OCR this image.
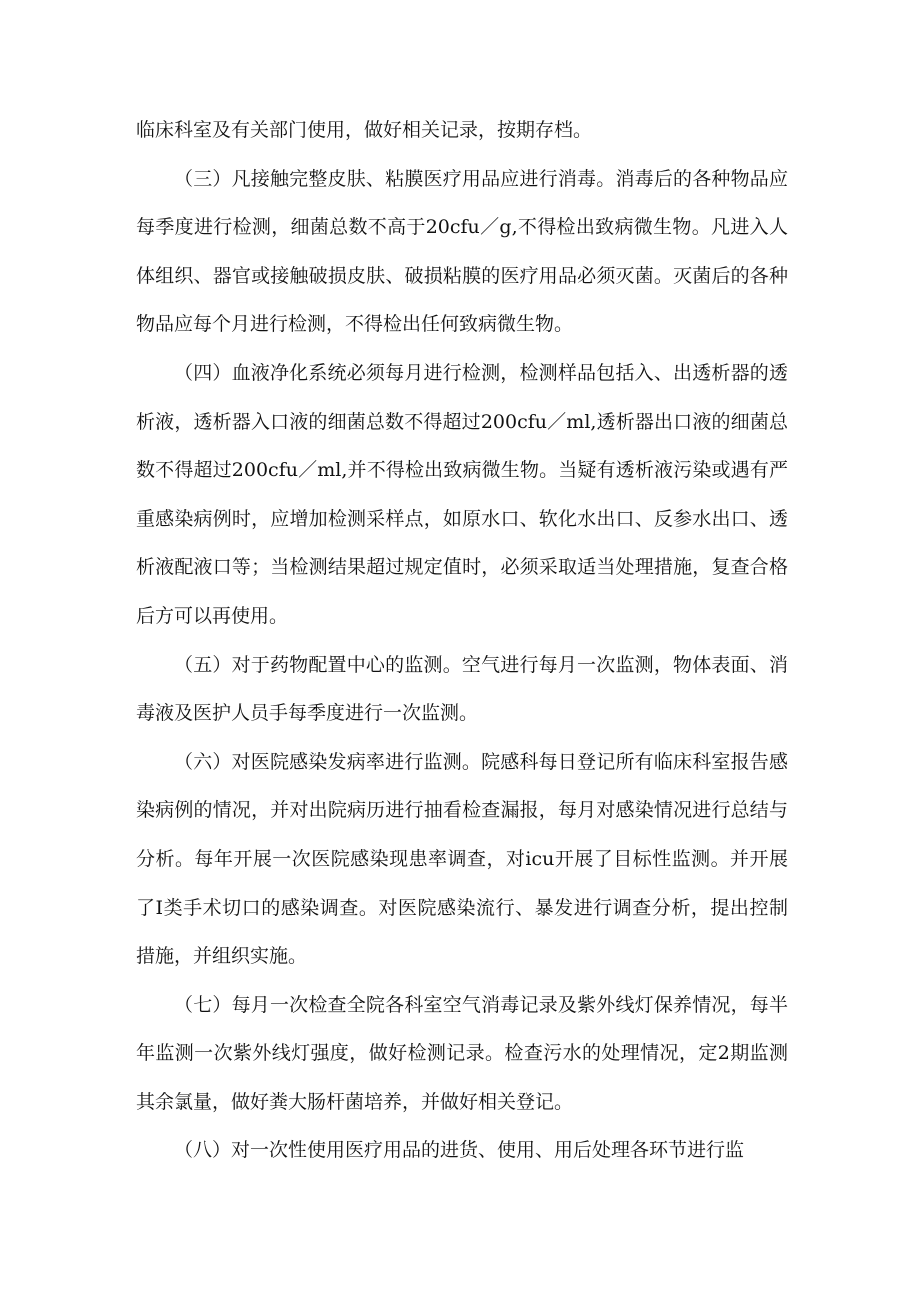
临床科室及有关部门使用，做好相关记录，按期存档。

（三）凡接触完整皮肤、粘膜医疗用品应进行消毒。消毒后的各种物品应每季度进行检测，细菌总数不高于20cfu／g,不得检出致病微生物。凡进入人体组织、器官或接触破损皮肤、破损粘膜的医疗用品必须灭菌。灭菌后的各种物品应每个月进行检测，不得检出任何致病微生物。

（四）血液净化系统必须每月进行检测，检测样品包括入、出透析器的透析液，透析器入口液的细菌总数不得超过200cfu／ml,透析器出口液的细菌总数不得超过200cfu／ml,并不得检出致病微生物。当疑有透析液污染或遇有严重感染病例时，应增加检测采样点，如原水口、软化水出口、反参水出口、透析液配液口等；当检测结果超过规定值时，必须采取适当处理措施，复查合格后方可以再使用。

（五）对于药物配置中心的监测。空气进行每月一次监测，物体表面、消毒液及医护人员手每季度进行一次监测。

（六）对医院感染发病率进行监测。院感科每日登记所有临床科室报告感染病例的情况，并对出院病历进行抽看检查漏报，每月对感染情况进行总结与分析。每年开展一次医院感染现患率调查，对icu开展了目标性监测。并开展了I类手术切口的感染调查。对医院感染流行、暴发进行调查分析，提出控制措施，并组织实施。

（七）每月一次检查全院各科室空气消毒记录及紫外线灯保养情况，每半年监测一次紫外线灯强度，做好检测记录。检查污水的处理情况，定2期监测其余氯量，做好粪大肠杆菌培养，并做好相关登记。

（八）对一次性使用医疗用品的进货、使用、用后处理各环节进行监
